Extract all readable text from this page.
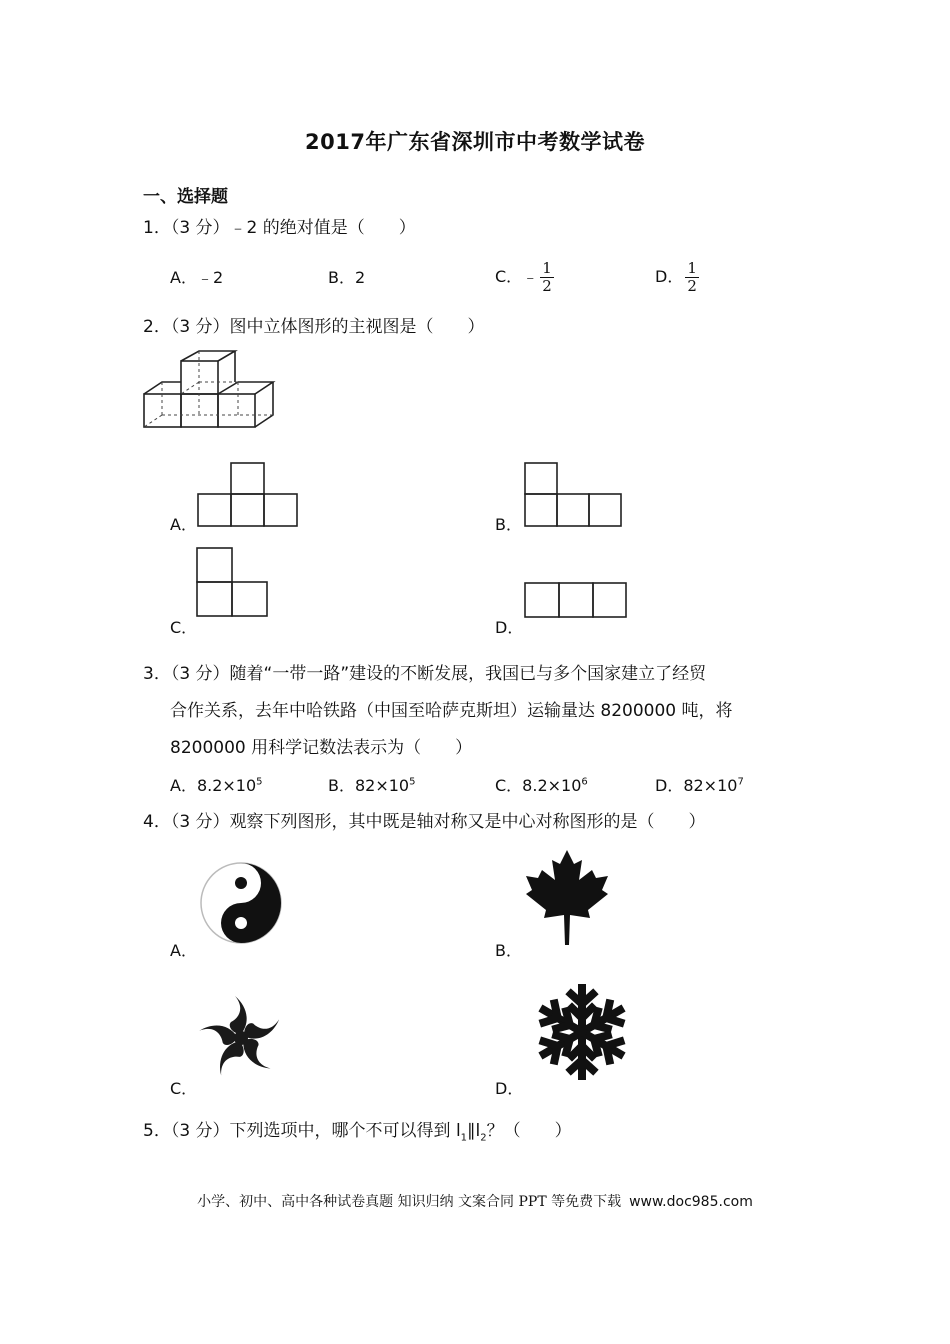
2017年广东省深圳市中考数学试卷
一、选择题
1．（3 分）﹣2 的绝对值是（　　）
A．﹣2	B．2	C．﹣ $\frac{1}{2}$	D． $\frac{1}{2}$
2．（3 分）图中立体图形的主视图是（　　）
A．	B．
C．	D．
3．（3 分）随着“一带一路”建设的不断发展，我国已与多个国家建立了经贸
合作关系，去年中哈铁路（中国至哈萨克斯坦）运输量达 8200000 吨，将
8200000 用科学记数法表示为（　　）
A．$8.2\times 10^5$	B．$82\times 10^5$	C．$8.2\times 10^6$	D．$82\times 10^7$
4．（3 分）观察下列图形，其中既是轴对称又是中心对称图形的是（　　）
A．	B．
C．	D．
5．（3 分）下列选项中，哪个不可以得到 $l_1\parallel l_2$？（　　）
小学、初中、高中各种试卷真题 知识归纳 文案合同 PPT 等免费下载 www.doc985.com
